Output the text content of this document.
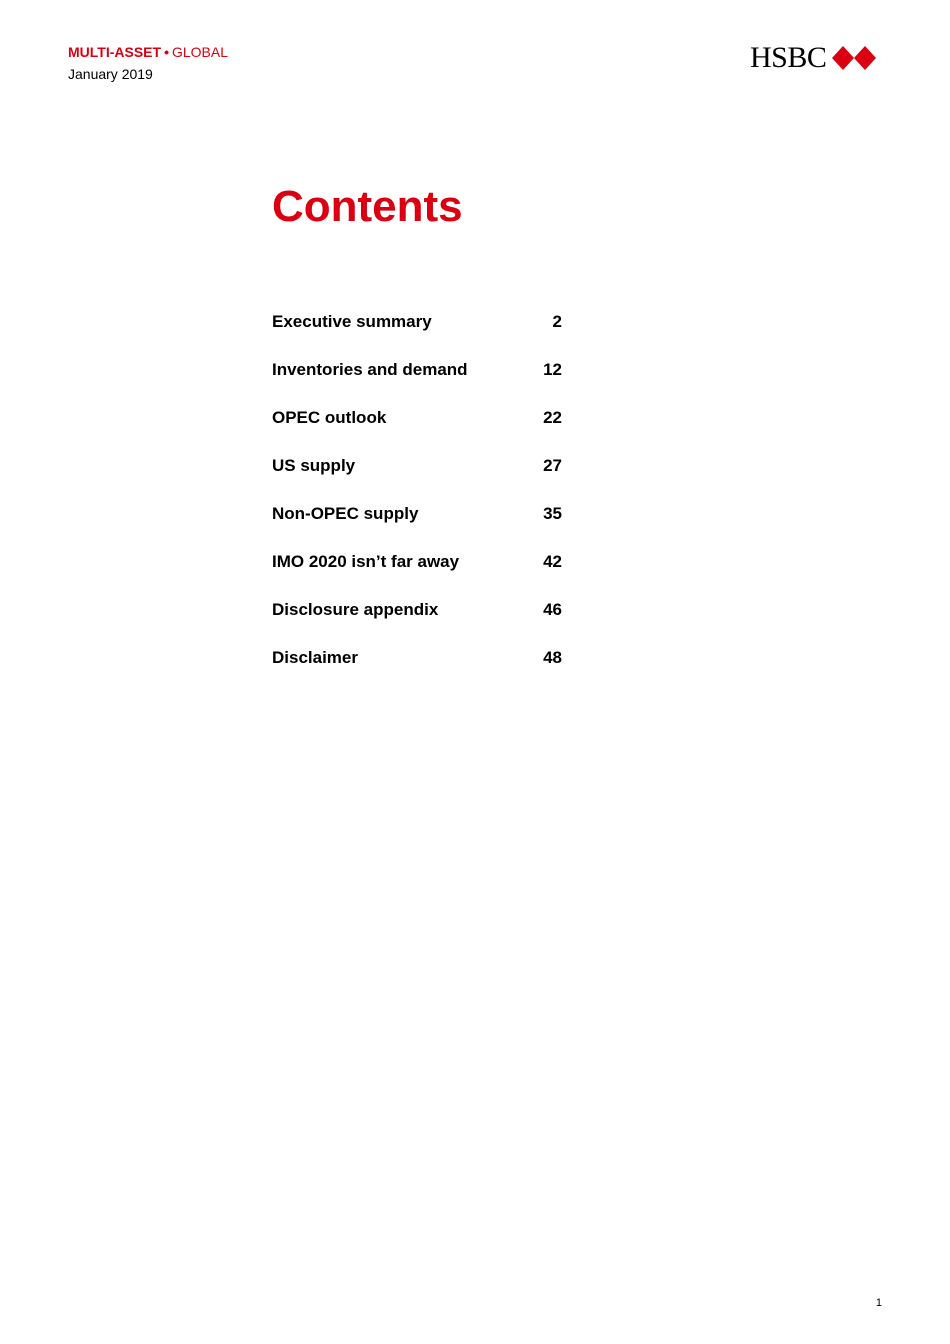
MULTI-ASSET • GLOBAL
January 2019	HSBC
Contents
Executive summary	2
Inventories and demand	12
OPEC outlook	22
US supply	27
Non-OPEC supply	35
IMO 2020 isn’t far away	42
Disclosure appendix	46
Disclaimer	48
1
